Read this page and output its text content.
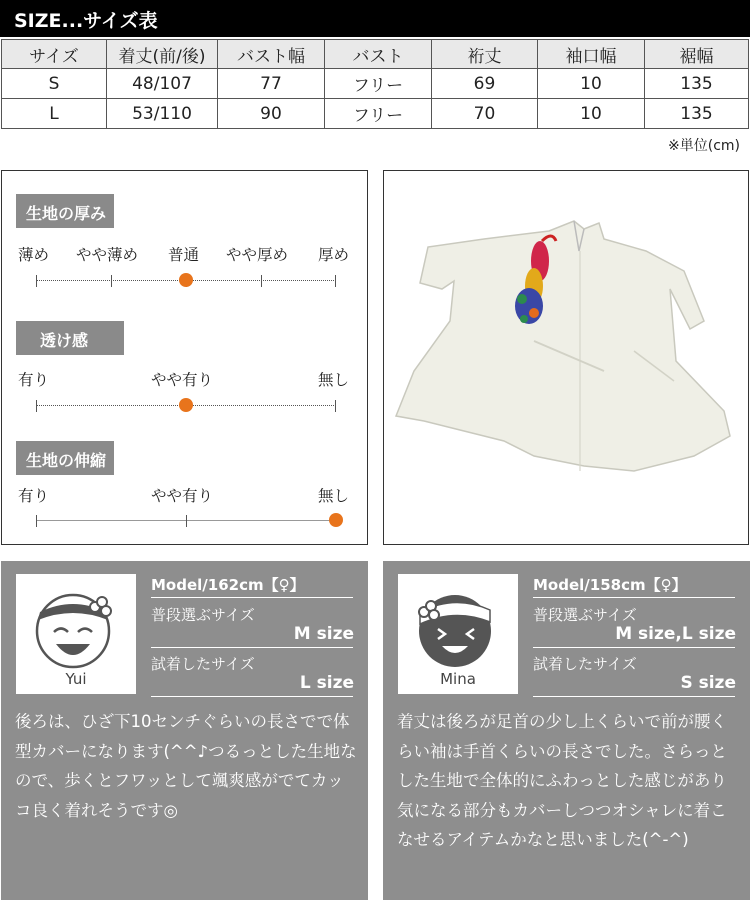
SIZE...サイズ表
サイズ	着丈(前/後)	バスト幅	バスト	裄丈	袖口幅	裾幅
S	48/107	77	フリー	69	10	135
L	53/110	90	フリー	70	10	135
※単位(cm)
生地の厚み
薄め やや薄め 普通 やや厚め 厚め
透け感
有り	やや有り	無し
生地の伸縮
有り	やや有り	無し
Yui
Model/162cm【♀】
普段選ぶサイズ
M size
試着したサイズ
L size
後ろは、ひざ下10センチぐらいの長さでで体型カバーになります(^^♪つるっとした生地なので、歩くとフワッとして颯爽感がでてカッコ良く着れそうです◎
Mina
Model/158cm【♀】
普段選ぶサイズ
M size,L size
試着したサイズ
S size
着丈は後ろが足首の少し上くらいで前が腰くらい袖は手首くらいの長さでした。さらっとした生地で全体的にふわっとした感じがあり気になる部分もカバーしつつオシャレに着こなせるアイテムかなと思いました(^-^)
